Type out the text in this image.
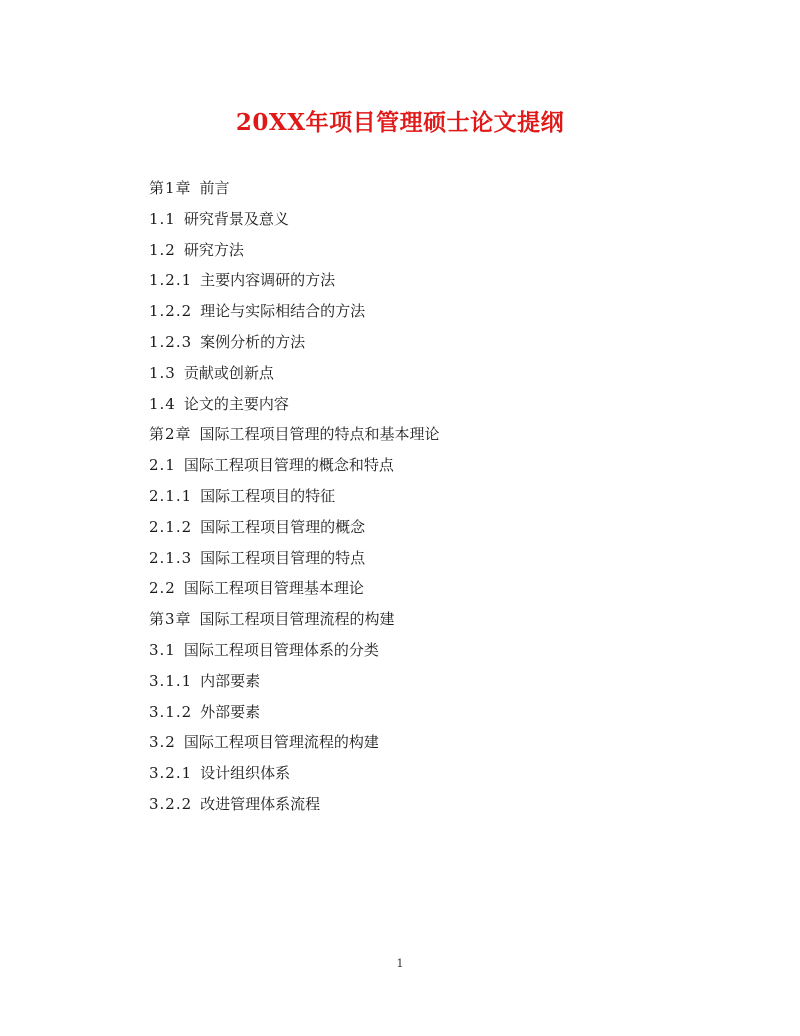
20XX年项目管理硕士论文提纲
第1章 前言
1.1 研究背景及意义
1.2 研究方法
1.2.1 主要内容调研的方法
1.2.2 理论与实际相结合的方法
1.2.3 案例分析的方法
1.3 贡献或创新点
1.4 论文的主要内容
第2章 国际工程项目管理的特点和基本理论
2.1 国际工程项目管理的概念和特点
2.1.1 国际工程项目的特征
2.1.2 国际工程项目管理的概念
2.1.3 国际工程项目管理的特点
2.2 国际工程项目管理基本理论
第3章 国际工程项目管理流程的构建
3.1 国际工程项目管理体系的分类
3.1.1 内部要素
3.1.2 外部要素
3.2 国际工程项目管理流程的构建
3.2.1 设计组织体系
3.2.2 改进管理体系流程
1
